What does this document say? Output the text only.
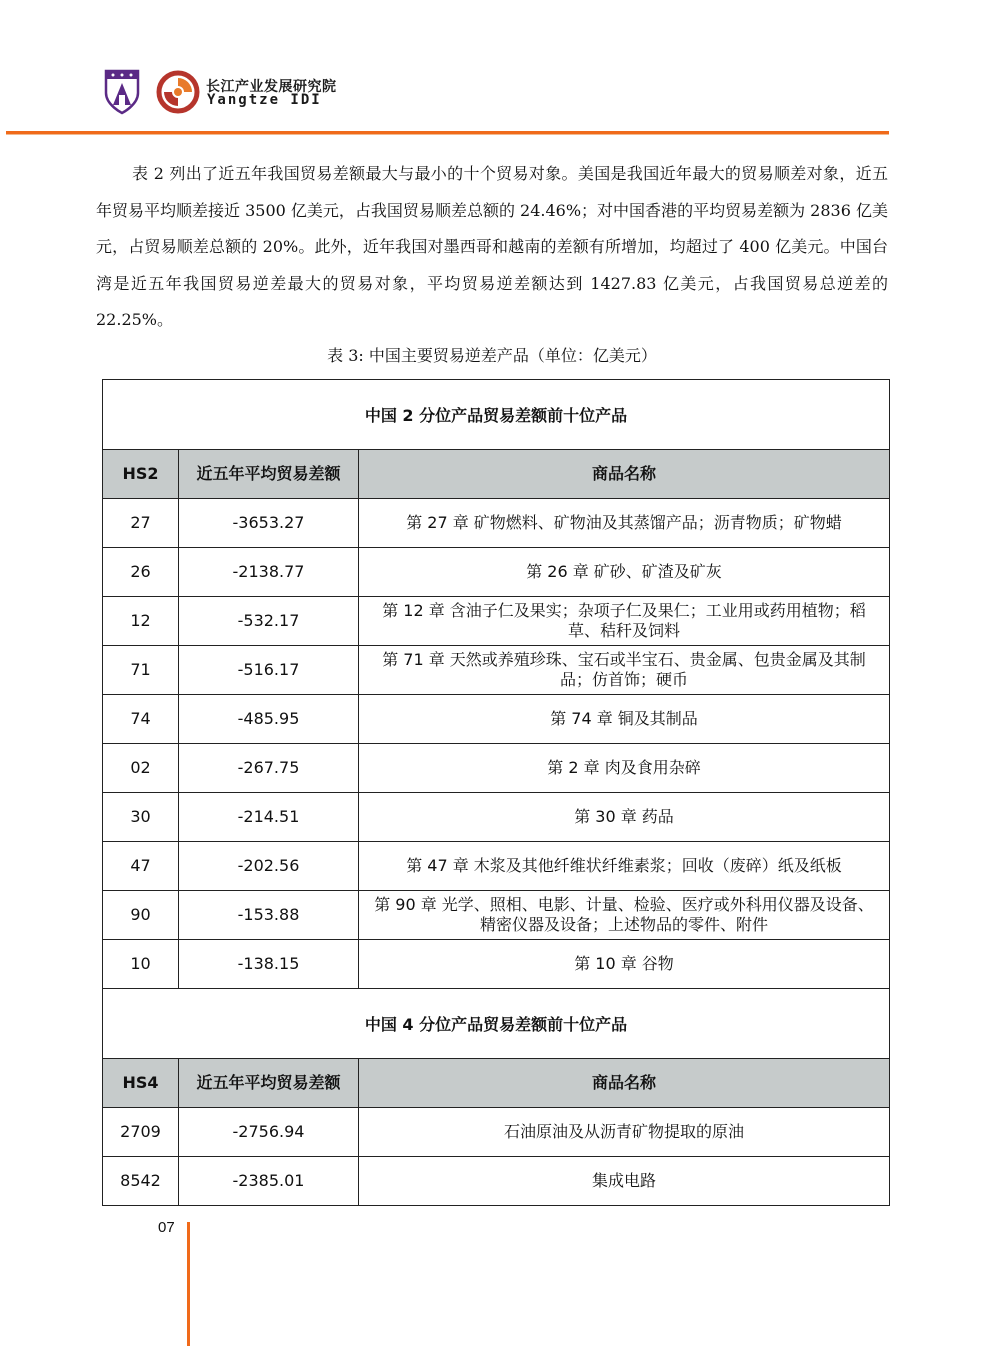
长江产业发展研究院
Yangtze IDI

表 2 列出了近五年我国贸易差额最大与最小的十个贸易对象。美国是我国近年最大的贸易顺差对象，近五年贸易平均顺差接近 3500 亿美元，占我国贸易顺差总额的 24.46%；对中国香港的平均贸易差额为 2836 亿美元，占贸易顺差总额的 20%。此外，近年我国对墨西哥和越南的差额有所增加，均超过了 400 亿美元。中国台湾是近五年我国贸易逆差最大的贸易对象，平均贸易逆差额达到 1427.83 亿美元，占我国贸易总逆差的 22.25%。

表 3: 中国主要贸易逆差产品（单位：亿美元）
中国 2 分位产品贸易差额前十位产品		
HS2	近五年平均贸易差额	商品名称
27	-3653.27	第 27 章 矿物燃料、矿物油及其蒸馏产品；沥青物质；矿物蜡
26	-2138.77	第 26 章 矿砂、矿渣及矿灰
12	-532.17	第 12 章 含油子仁及果实；杂项子仁及果仁；工业用或药用植物；稻草、秸秆及饲料
71	-516.17	第 71 章 天然或养殖珍珠、宝石或半宝石、贵金属、包贵金属及其制品；仿首饰；硬币
74	-485.95	第 74 章 铜及其制品
02	-267.75	第 2 章 肉及食用杂碎
30	-214.51	第 30 章 药品
47	-202.56	第 47 章 木浆及其他纤维状纤维素浆；回收（废碎）纸及纸板
90	-153.88	第 90 章 光学、照相、电影、计量、检验、医疗或外科用仪器及设备、精密仪器及设备；上述物品的零件、附件
10	-138.15	第 10 章 谷物
中国 4 分位产品贸易差额前十位产品		
HS4	近五年平均贸易差额	商品名称
2709	-2756.94	石油原油及从沥青矿物提取的原油
8542	-2385.01	集成电路
07
